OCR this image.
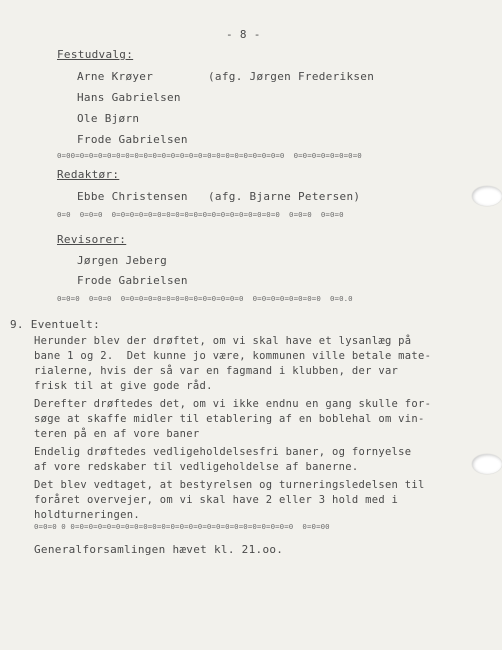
- 8 -
Festudvalg:
Arne Krøyer	(afg. Jørgen Frederiksen
Hans Gabrielsen
Ole Bjørn
Frode Gabrielsen
0=00=0=0=0=0=0=0=0=0=0=0=0=0=0=0=0=0=0=0=0=0=0=0=0  0=0=0=0=0=0=0=0
Redaktør:
Ebbe Christensen (afg. Bjarne Petersen)
0=0  0=0=0  0=0=0=0=0=0=0=0=0=0=0=0=0=0=0=0=0=0=0  0=0=0  0=0=0
Revisorer:
Jørgen Jeberg
Frode Gabrielsen
0=0=0  0=0=0  0=0=0=0=0=0=0=0=0=0=0=0=0=0  0=0=0=0=0=0=0=0  0=0.0
9. Eventuelt:
Herunder blev der drøftet, om vi skal have et lysanlæg på
bane 1 og 2.  Det kunne jo være, kommunen ville betale mate-
rialerne, hvis der så var en fagmand i klubben, der var
frisk til at give gode råd.
Derefter drøftedes det, om vi ikke endnu en gang skulle for-
søge at skaffe midler til etablering af en boblehal om vin-
teren på en af vore baner
Endelig drøftedes vedligeholdelsesfri baner, og fornyelse
af vore redskaber til vedligeholdelse af banerne.
Det blev vedtaget, at bestyrelsen og turneringsledelsen til
foråret overvejer, om vi skal have 2 eller 3 hold med i
holdturneringen.
0=0=0 0 0=0=0=0=0=0=0=0=0=0=0=0=0=0=0=0=0=0=0=0=0=0=0=0=0  0=0=00
Generalforsamlingen hævet kl. 21.oo.
